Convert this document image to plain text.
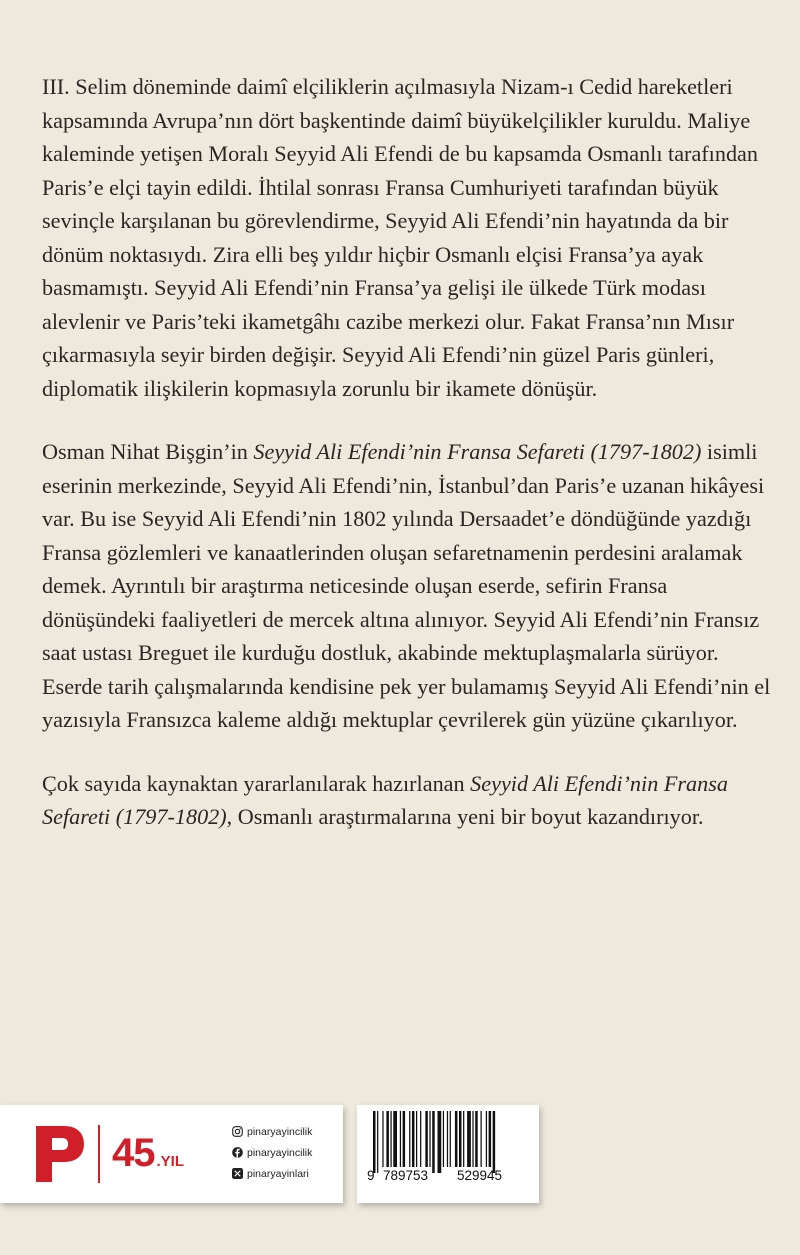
III. Selim döneminde daimî elçiliklerin açılmasıyla Nizam-ı Cedid hareketleri kapsamında Avrupa’nın dört başkentinde daimî büyükelçilikler kuruldu. Maliye kaleminde yetişen Moralı Seyyid Ali Efendi de bu kapsamda Osmanlı tarafından Paris’e elçi tayin edildi. İhtilal sonrası Fransa Cumhuriyeti tarafından büyük sevinçle karşılanan bu görevlendirme, Seyyid Ali Efendi’nin hayatında da bir dönüm noktasıydı. Zira elli beş yıldır hiçbir Osmanlı elçisi Fransa’ya ayak basmamıştı. Seyyid Ali Efendi’nin Fransa’ya gelişi ile ülkede Türk modası alevlenir ve Paris’teki ikametgâhı cazibe merkezi olur. Fakat Fransa’nın Mısır çıkarmasıyla seyir birden değişir. Seyyid Ali Efendi’nin güzel Paris günleri, diplomatik ilişkilerin kopmasıyla zorunlu bir ikamete dönüşür.

Osman Nihat Bişgin’in Seyyid Ali Efendi’nin Fransa Sefareti (1797-1802) isimli eserinin merkezinde, Seyyid Ali Efendi’nin, İstanbul’dan Paris’e uzanan hikâyesi var. Bu ise Seyyid Ali Efendi’nin 1802 yılında Dersaadet’e döndüğünde yazdığı Fransa gözlemleri ve kanaatlerinden oluşan sefaretnamenin perdesini aralamak demek. Ayrıntılı bir araştırma neticesinde oluşan eserde, sefirin Fransa dönüşündeki faaliyetleri de mercek altına alınıyor. Seyyid Ali Efendi’nin Fransız saat ustası Breguet ile kurduğu dostluk, akabinde mektuplaşmalarla sürüyor. Eserde tarih çalışmalarında kendisine pek yer bulamamış Seyyid Ali Efendi’nin el yazısıyla Fransızca kaleme aldığı mektuplar çevrilerek gün yüzüne çıkarılıyor.

Çok sayıda kaynaktan yararlanılarak hazırlanan Seyyid Ali Efendi’nin Fransa Sefareti (1797-1802), Osmanlı araştırmalarına yeni bir boyut kazandırıyor.

45 .YIL
pinaryayincilik
pinaryayincilik
pinaryayinlari	9 789753	529945
